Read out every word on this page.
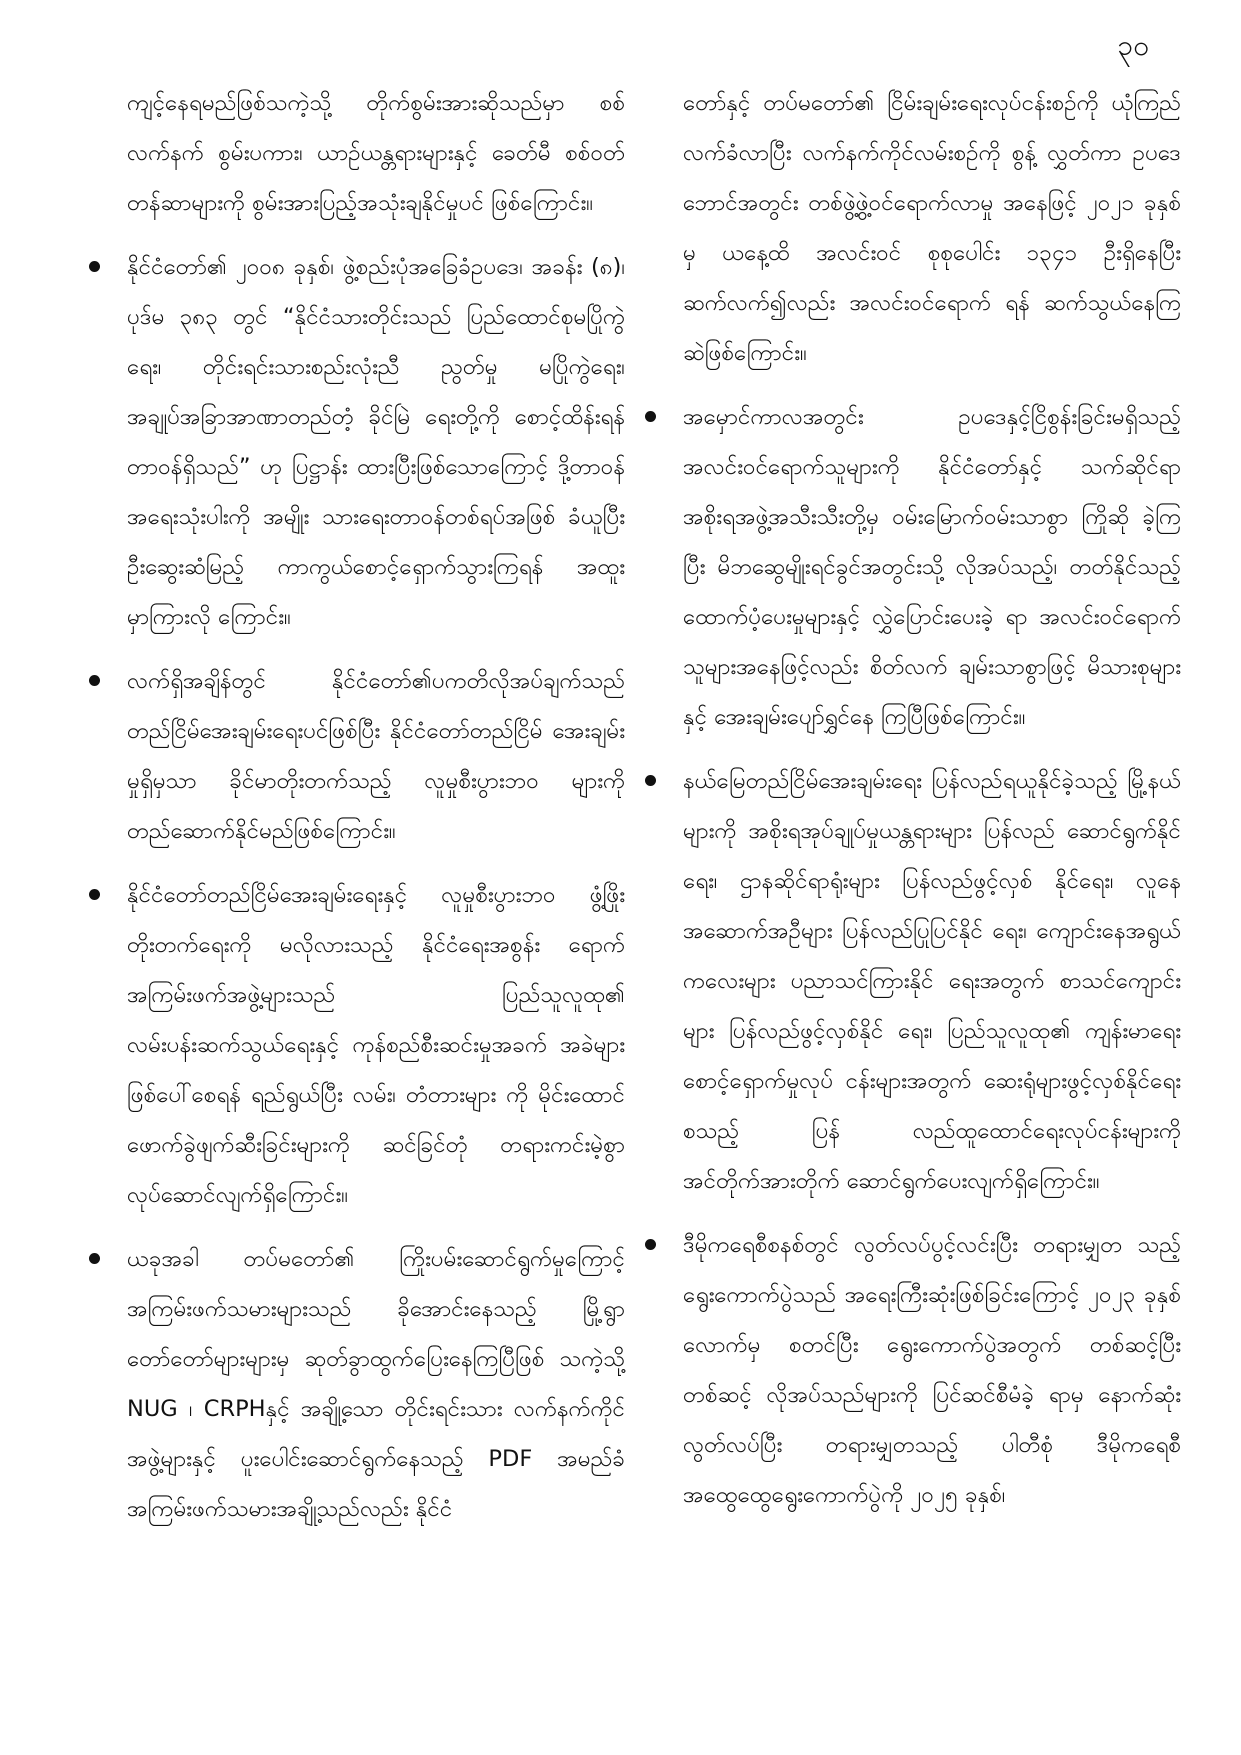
၃၀

ကျင့်နေရမည်ဖြစ်သကဲ့သို့ တိုက်စွမ်းအားဆိုသည်မှာ စစ်လက်နက် စွမ်းပကား၊ ယာဉ်ယန္တရားများနှင့် ခေတ်မီ စစ်ဝတ်တန်ဆာများကို စွမ်းအားပြည့်အသုံးချနိုင်မှုပင် ဖြစ်ကြောင်း။

နိုင်ငံတော်၏ ၂၀၀၈ ခုနှစ်၊ ဖွဲ့စည်းပုံအခြေခံဥပဒေ၊ အခန်း (၈)၊ ပုဒ်မ ၃၈၃ တွင် “နိုင်ငံသားတိုင်းသည် ပြည်ထောင်စုမပြိုကွဲရေး၊ တိုင်းရင်းသားစည်းလုံးညီ ညွတ်မှု မပြိုကွဲရေး၊ အချုပ်အခြာအာဏာတည်တံ့ ခိုင်မြဲ ရေးတို့ကို စောင့်ထိန်းရန် တာဝန်ရှိသည်” ဟု ပြဋ္ဌာန်း ထားပြီးဖြစ်သောကြောင့် ဒို့တာဝန်အရေးသုံးပါးကို အမျိုး သားရေးတာဝန်တစ်ရပ်အဖြစ် ခံယူပြီး ဦးဆွေးဆံမြည့် ကာကွယ်စောင့်ရှောက်သွားကြရန် အထူးမှာကြားလို ကြောင်း။

လက်ရှိအချိန်တွင် နိုင်ငံတော်၏ပကတိလိုအပ်ချက်သည် တည်ငြိမ်အေးချမ်းရေးပင်ဖြစ်ပြီး နိုင်ငံတော်တည်ငြိမ် အေးချမ်းမှုရှိမှသာ ခိုင်မာတိုးတက်သည့် လူမှုစီးပွားဘဝ များကို တည်ဆောက်နိုင်မည်ဖြစ်ကြောင်း။

နိုင်ငံတော်တည်ငြိမ်အေးချမ်းရေးနှင့် လူမှုစီးပွားဘဝ ဖွံ့ဖြိုးတိုးတက်ရေးကို မလိုလားသည့် နိုင်ငံရေးအစွန်း ရောက် အကြမ်းဖက်အဖွဲ့များသည် ပြည်သူလူထု၏ လမ်းပန်းဆက်သွယ်ရေးနှင့် ကုန်စည်စီးဆင်းမှုအခက် အခဲများဖြစ်ပေါ်စေရန် ရည်ရွယ်ပြီး လမ်း၊ တံတားများ ကို မိုင်းထောင်ဖောက်ခွဲဖျက်ဆီးခြင်းများကို ဆင်ခြင်တုံ တရားကင်းမဲ့စွာ လုပ်ဆောင်လျက်ရှိကြောင်း။

ယခုအခါ တပ်မတော်၏ ကြိုးပမ်းဆောင်ရွက်မှုကြောင့် အကြမ်းဖက်သမားများသည် ခိုအောင်းနေသည့် မြို့ရွာ တော်တော်များများမှ ဆုတ်ခွာထွက်ပြေးနေကြပြီဖြစ် သကဲ့သို့ NUG ၊ CRPHနှင့် အချို့သော တိုင်းရင်းသား လက်နက်ကိုင်အဖွဲ့များနှင့် ပူးပေါင်းဆောင်ရွက်နေသည့် PDF အမည်ခံအကြမ်းဖက်သမားအချို့သည်လည်း နိုင်ငံ

တော်နှင့် တပ်မတော်၏ ငြိမ်းချမ်းရေးလုပ်ငန်းစဉ်ကို ယုံကြည်လက်ခံလာပြီး လက်နက်ကိုင်လမ်းစဉ်ကို စွန့် လွှတ်ကာ ဥပဒေဘောင်အတွင်း တစ်ဖွဲ့ဖွဲ့ဝင်ရောက်လာမှု အနေဖြင့် ၂၀၂၁ ခုနှစ်မှ ယနေ့ထိ အလင်းဝင် စုစုပေါင်း ၁၃၄၁ ဦးရှိနေပြီး ဆက်လက်၍လည်း အလင်းဝင်ရောက် ရန် ဆက်သွယ်နေကြဆဲဖြစ်ကြောင်း။

အမှောင်ကာလအတွင်း ဥပဒေနှင့်ငြိစွန်းခြင်းမရှိသည့် အလင်းဝင်ရောက်သူများကို နိုင်ငံတော်နှင့် သက်ဆိုင်ရာ အစိုးရအဖွဲ့အသီးသီးတို့မှ ဝမ်းမြောက်ဝမ်းသာစွာ ကြိုဆို ခဲ့ကြပြီး မိဘဆွေမျိုးရင်ခွင်အတွင်းသို့ လိုအပ်သည့်၊ တတ်နိုင်သည့် ထောက်ပံ့ပေးမှုများနှင့် လွှဲပြောင်းပေးခဲ့ ရာ အလင်းဝင်ရောက်သူများအနေဖြင့်လည်း စိတ်လက် ချမ်းသာစွာဖြင့် မိသားစုများနှင့် အေးချမ်းပျော်ရွှင်နေ ကြပြီဖြစ်ကြောင်း။

နယ်မြေတည်ငြိမ်အေးချမ်းရေး ပြန်လည်ရယူနိုင်ခဲ့သည့် မြို့နယ်များကို အစိုးရအုပ်ချုပ်မှုယန္တရားများ ပြန်လည် ဆောင်ရွက်နိုင်ရေး၊ ဌာနဆိုင်ရာရုံးများ ပြန်လည်ဖွင့်လှစ် နိုင်ရေး၊ လူနေအဆောက်အဦများ ပြန်လည်ပြုပြင်နိုင် ရေး၊ ကျောင်းနေအရွယ်ကလေးများ ပညာသင်ကြားနိုင် ရေးအတွက် စာသင်ကျောင်းများ ပြန်လည်ဖွင့်လှစ်နိုင် ရေး၊ ပြည်သူလူထု၏ ကျန်းမာရေးစောင့်ရှောက်မှုလုပ် ငန်းများအတွက် ဆေးရုံများဖွင့်လှစ်နိုင်ရေးစသည့် ပြန် လည်ထူထောင်ရေးလုပ်ငန်းများကို အင်တိုက်အားတိုက် ဆောင်ရွက်ပေးလျက်ရှိကြောင်း။

ဒီမိုကရေစီစနစ်တွင် လွတ်လပ်ပွင့်လင်းပြီး တရားမျှတ သည့် ရွေးကောက်ပွဲသည် အရေးကြီးဆုံးဖြစ်ခြင်းကြောင့် ၂၀၂၃ ခုနှစ်လောက်မှ စတင်ပြီး ရွေးကောက်ပွဲအတွက် တစ်ဆင့်ပြီးတစ်ဆင့် လိုအပ်သည်များကို ပြင်ဆင်စီမံခဲ့ ရာမှ နောက်ဆုံးလွတ်လပ်ပြီး တရားမျှတသည့် ပါတီစုံ ဒီမိုကရေစီအထွေထွေရွေးကောက်ပွဲကို ၂၀၂၅ ခုနှစ်၊
